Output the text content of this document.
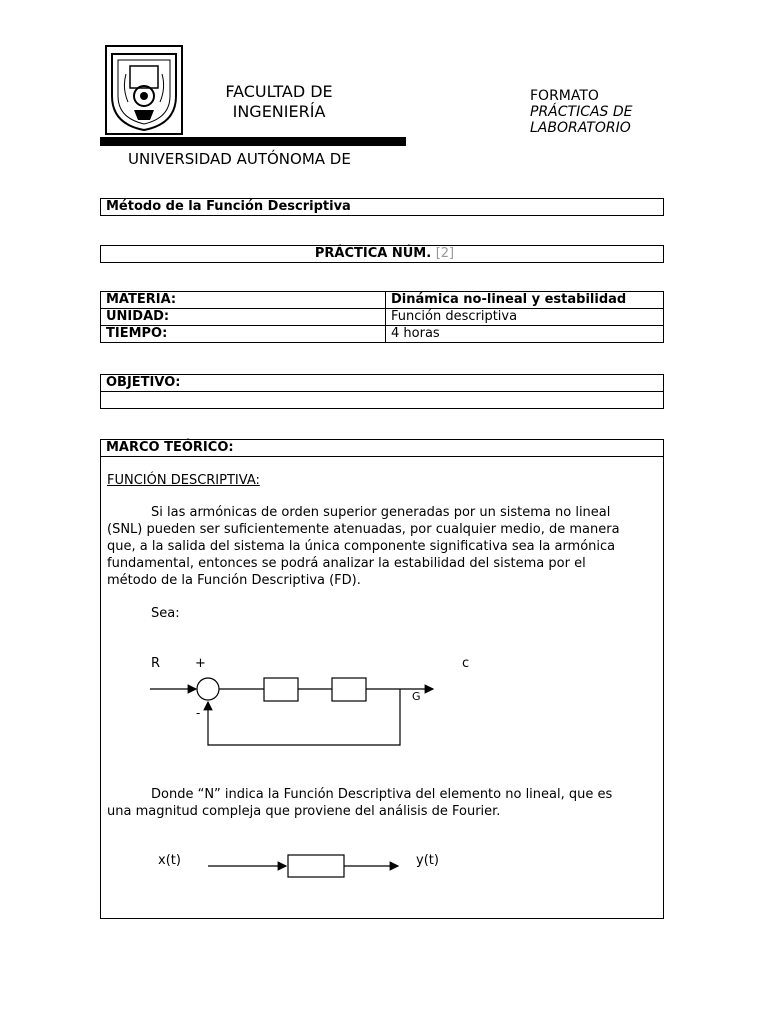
FACULTAD DE
INGENIERÍA
FORMATO
PRÁCTICAS DE
LABORATORIO
UNIVERSIDAD AUTÓNOMA DE
Método de la Función Descriptiva
PRÁCTICA NÚM. [2]
MATERIA:	Dinámica no-lineal y estabilidad
UNIDAD:	Función descriptiva
TIEMPO:	4 horas
OBJETIVO:
MARCO TEÓRICO:
FUNCIÓN DESCRIPTIVA:
Si las armónicas de orden superior generadas por un sistema no lineal
(SNL) pueden ser suficientemente atenuadas, por cualquier medio, de manera
que, a la salida del sistema la única componente significativa sea la armónica
fundamental, entonces se podrá analizar la estabilidad del sistema por el
método de la Función Descriptiva (FD).
Sea:
R	+	c
-
G
Donde “N” indica la Función Descriptiva del elemento no lineal, que es
una magnitud compleja que proviene del análisis de Fourier.
x(t)	y(t)
